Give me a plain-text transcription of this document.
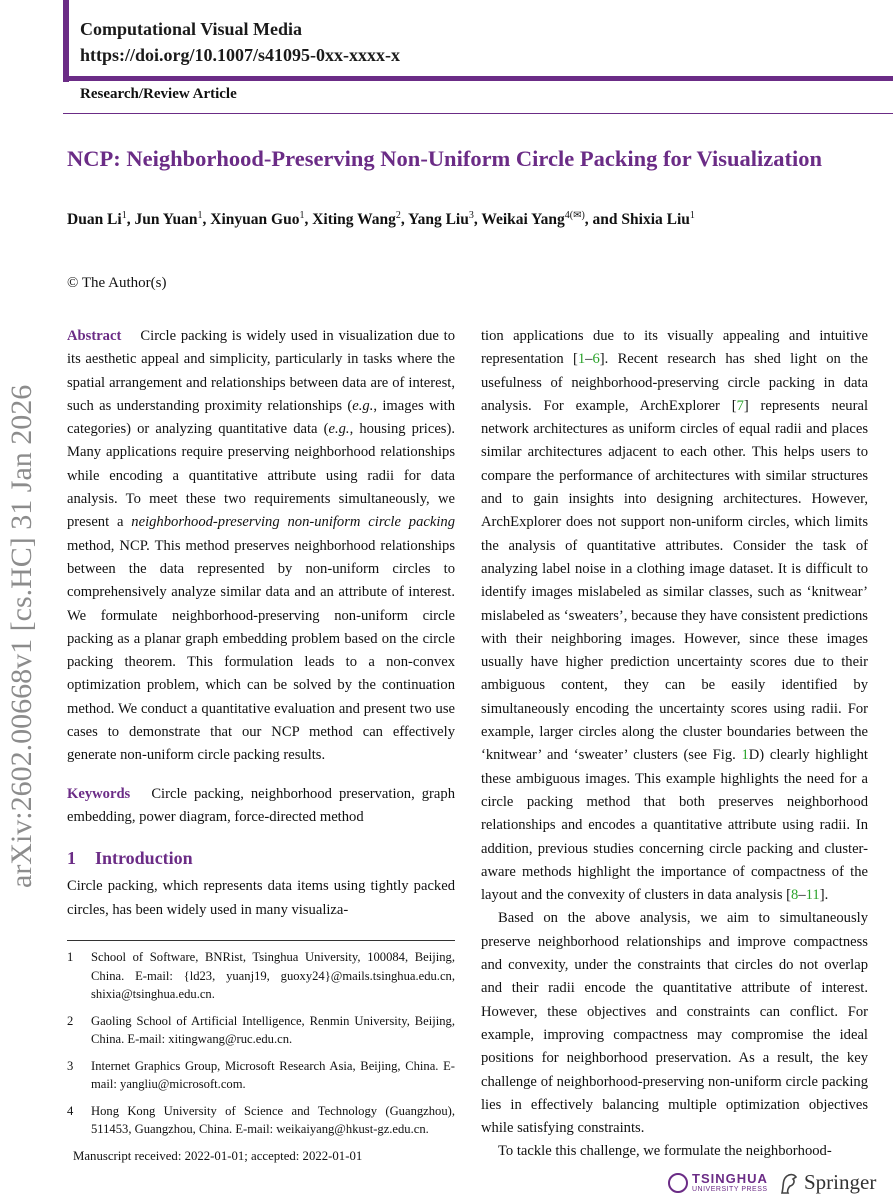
Computational Visual Media
https://doi.org/10.1007/s41095-0xx-xxxx-x
Research/Review Article
NCP: Neighborhood-Preserving Non-Uniform Circle Packing for Visualization
Duan Li$^1$, Jun Yuan$^1$, Xinyuan Guo$^1$, Xiting Wang$^2$, Yang Liu$^3$, Weikai Yang$^{4(✉)}$, and Shixia Liu$^1$
© The Author(s)
arXiv:2602.00668v1 [cs.HC] 31 Jan 2026

Abstract Circle packing is widely used in visualization due to its aesthetic appeal and simplicity, particularly in tasks where the spatial arrangement and relationships between data are of interest, such as understanding proximity relationships (e.g., images with categories) or analyzing quantitative data (e.g., housing prices). Many applications require preserving neighborhood relationships while encoding a quantitative attribute using radii for data analysis. To meet these two requirements simultaneously, we present a neighborhood-preserving non-uniform circle packing method, NCP. This method preserves neighborhood relationships between the data represented by non-uniform circles to comprehensively analyze similar data and an attribute of interest. We formulate neighborhood-preserving non-uniform circle packing as a planar graph embedding problem based on the circle packing theorem. This formulation leads to a non-convex optimization problem, which can be solved by the continuation method. We conduct a quantitative evaluation and present two use cases to demonstrate that our NCP method can effectively generate non-uniform circle packing results.

Keywords Circle packing, neighborhood preservation, graph embedding, power diagram, force-directed method

1 Introduction

Circle packing, which represents data items using tightly packed circles, has been widely used in many visualiza-

1	School of Software, BNRist, Tsinghua University, 100084, Beijing, China. E-mail: {ld23, yuanj19, guoxy24}@mails.tsinghua.edu.cn, shixia@tsinghua.edu.cn.
2	Gaoling School of Artificial Intelligence, Renmin University, Beijing, China. E-mail: xitingwang@ruc.edu.cn.
3	Internet Graphics Group, Microsoft Research Asia, Beijing, China. E-mail: yangliu@microsoft.com.
4	Hong Kong University of Science and Technology (Guangzhou), 511453, Guangzhou, China. E-mail: weikaiyang@hkust-gz.edu.cn.
Manuscript received: 2022-01-01; accepted: 2022-01-01

tion applications due to its visually appealing and intuitive representation [1–6]. Recent research has shed light on the usefulness of neighborhood-preserving circle packing in data analysis. For example, ArchExplorer [7] represents neural network architectures as uniform circles of equal radii and places similar architectures adjacent to each other. This helps users to compare the performance of architectures with similar structures and to gain insights into designing architectures. However, ArchExplorer does not support non-uniform circles, which limits the analysis of quantitative attributes. Consider the task of analyzing label noise in a clothing image dataset. It is difficult to identify images mislabeled as similar classes, such as ‘knitwear’ mislabeled as ‘sweaters’, because they have consistent predictions with their neighboring images. However, since these images usually have higher prediction uncertainty scores due to their ambiguous content, they can be easily identified by simultaneously encoding the uncertainty scores using radii. For example, larger circles along the cluster boundaries between the ‘knitwear’ and ‘sweater’ clusters (see Fig. 1D) clearly highlight these ambiguous images. This example highlights the need for a circle packing method that both preserves neighborhood relationships and encodes a quantitative attribute using radii. In addition, previous studies concerning circle packing and cluster-aware methods highlight the importance of compactness of the layout and the convexity of clusters in data analysis [8–11].

Based on the above analysis, we aim to simultaneously preserve neighborhood relationships and improve compactness and convexity, under the constraints that circles do not overlap and their radii encode the quantitative attribute of interest. However, these objectives and constraints can conflict. For example, improving compactness may compromise the ideal positions for neighborhood preservation. As a result, the key challenge of neighborhood-preserving non-uniform circle packing lies in effectively balancing multiple optimization objectives while satisfying constraints.

To tackle this challenge, we formulate the neighborhood-

TSINGHUA
UNIVERSITY PRESS Springer
